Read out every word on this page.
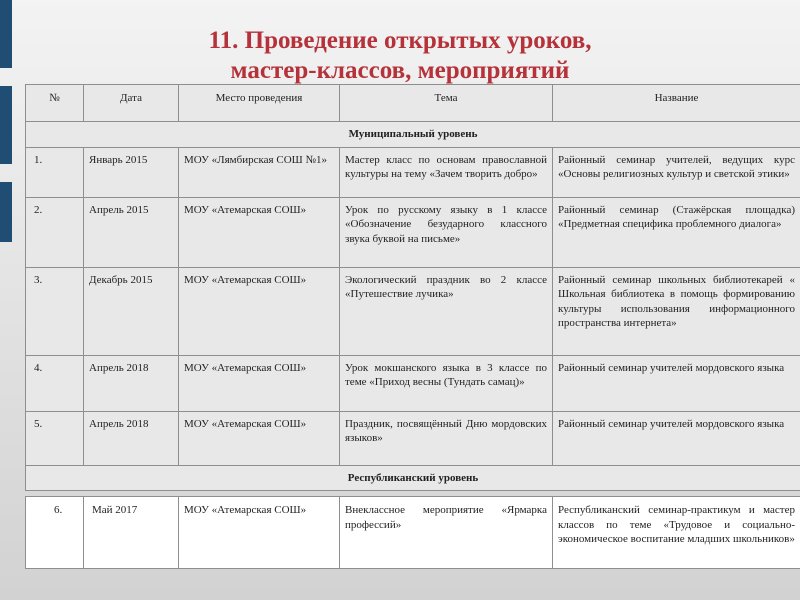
11. Проведение открытых уроков,
мастер-классов, мероприятий
№	Дата	Место проведения	Тема	Название
Муниципальный уровень				
1.	Январь 2015	МОУ «Лямбирская СОШ №1»	Мастер класс по основам православной культуры на тему «Зачем творить добро»	Районный семинар учителей, ведущих курс «Основы религиозных культур и светской этики»
2.	Апрель 2015	МОУ «Атемарская СОШ»	Урок по русскому языку в 1 классе «Обозначение безударного классного звука буквой на письме»	Районный семинар (Стажёрская площадка) «Предметная специфика проблемного диалога»
3.	Декабрь 2015	МОУ «Атемарская СОШ»	Экологический праздник во 2 классе «Путешествие лучика»	Районный семинар школьных библиотекарей « Школьная библиотека в помощь формированию культуры использования информационного пространства интернета»
4.	Апрель 2018	МОУ «Атемарская СОШ»	Урок мокшанского языка в 3 классе по теме «Приход весны (Тундать самац)»	Районный семинар учителей мордовского языка
5.	Апрель 2018	МОУ «Атемарская СОШ»	Праздник, посвящённый Дню мордовских языков»	Районный семинар учителей мордовского языка
Республиканский уровень				
6.	Май 2017	МОУ «Атемарская СОШ»	Внеклассное мероприятие «Ярмарка профессий»	Республиканский семинар-практикум и мастер классов по теме «Трудовое и социально-экономическое воспитание младших школьников»
